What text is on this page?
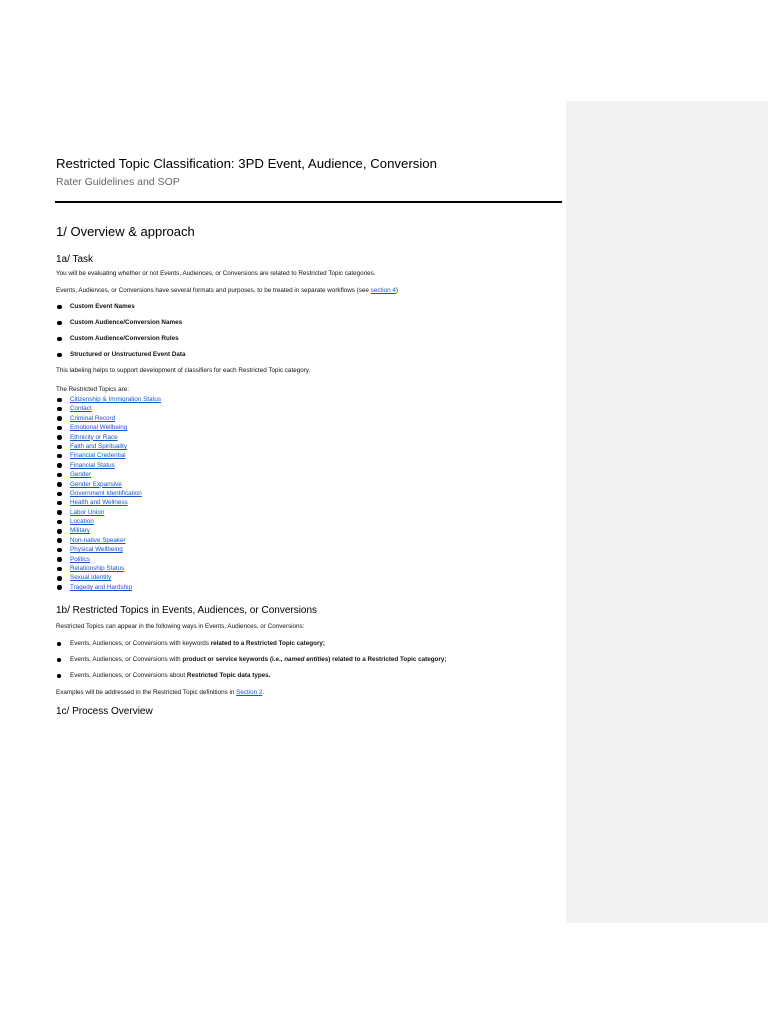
Restricted Topic Classification: 3PD Event, Audience, Conversion
Rater Guidelines and SOP
1/ Overview & approach
1a/ Task
You will be evaluating whether or not Events, Audiences, or Conversions are related to Restricted Topic categories.
Events, Audiences, or Conversions have several formats and purposes, to be treated in separate workflows (see section 4)
Custom Event Names
Custom Audience/Conversion Names
Custom Audience/Conversion Rules
Structured or Unstructured Event Data
This labeling helps to support development of classifiers for each Restricted Topic category.
The Restricted Topics are:
Citizenship & Immigration Status
Contact
Criminal Record
Emotional Wellbeing
Ethnicity or Race
Faith and Spirituality
Financial Credential
Financial Status
Gender
Gender Expansive
Government Identification
Health and Wellness
Labor Union
Location
Military
Non-native Speaker
Physical Wellbeing
Politics
Relationship Status
Sexual Identity
Tragedy and Hardship
1b/ Restricted Topics in Events, Audiences, or Conversions
Restricted Topics can appear in the following ways in Events, Audiences, or Conversions:
Events, Audiences, or Conversions with keywords related to a Restricted Topic category;
Events, Audiences, or Conversions with product or service keywords (i.e., named entities) related to a Restricted Topic category;
Events, Audiences, or Conversions about Restricted Topic data types.
Examples will be addressed in the Restricted Topic definitions in Section 2.
1c/ Process Overview
